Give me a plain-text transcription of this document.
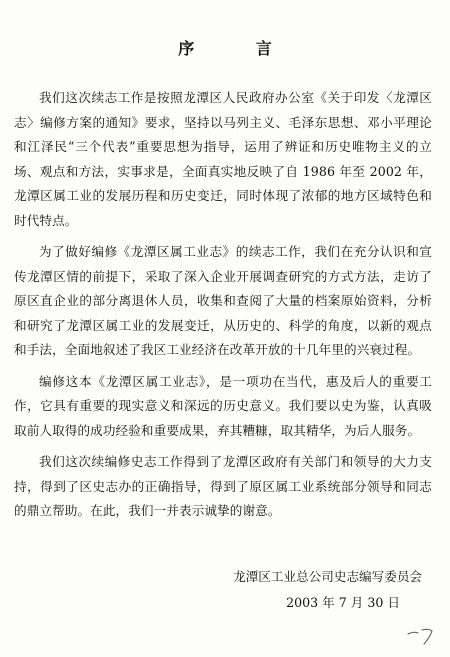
序 言

我们这次续志工作是按照龙潭区人民政府办公室《关于印发〈龙潭区志〉编修方案的通知》要求，坚持以马列主义、毛泽东思想、邓小平理论和江泽民“三个代表”重要思想为指导，运用了辨证和历史唯物主义的立场、观点和方法，实事求是，全面真实地反映了自 1986 年至 2002 年，龙潭区属工业的发展历程和历史变迁，同时体现了浓郁的地方区域特色和时代特点。

为了做好编修《龙潭区属工业志》的续志工作，我们在充分认识和宣传龙潭区情的前提下，采取了深入企业开展调查研究的方式方法，走访了原区直企业的部分离退休人员，收集和查阅了大量的档案原始资料，分析和研究了龙潭区属工业的发展变迁，从历史的、科学的角度，以新的观点和手法，全面地叙述了我区工业经济在改革开放的十几年里的兴衰过程。

编修这本《龙潭区属工业志》，是一项功在当代，惠及后人的重要工作，它具有重要的现实意义和深远的历史意义。我们要以史为鉴，认真吸取前人取得的成功经验和重要成果，弃其糟糠，取其精华，为后人服务。

我们这次续编修史志工作得到了龙潭区政府有关部门和领导的大力支持，得到了区史志办的正确指导，得到了原区属工业系统部分领导和同志的鼎立帮助。在此，我们一并表示诚挚的谢意。

龙潭区工业总公司史志编写委员会
2003 年 7 月 30 日
